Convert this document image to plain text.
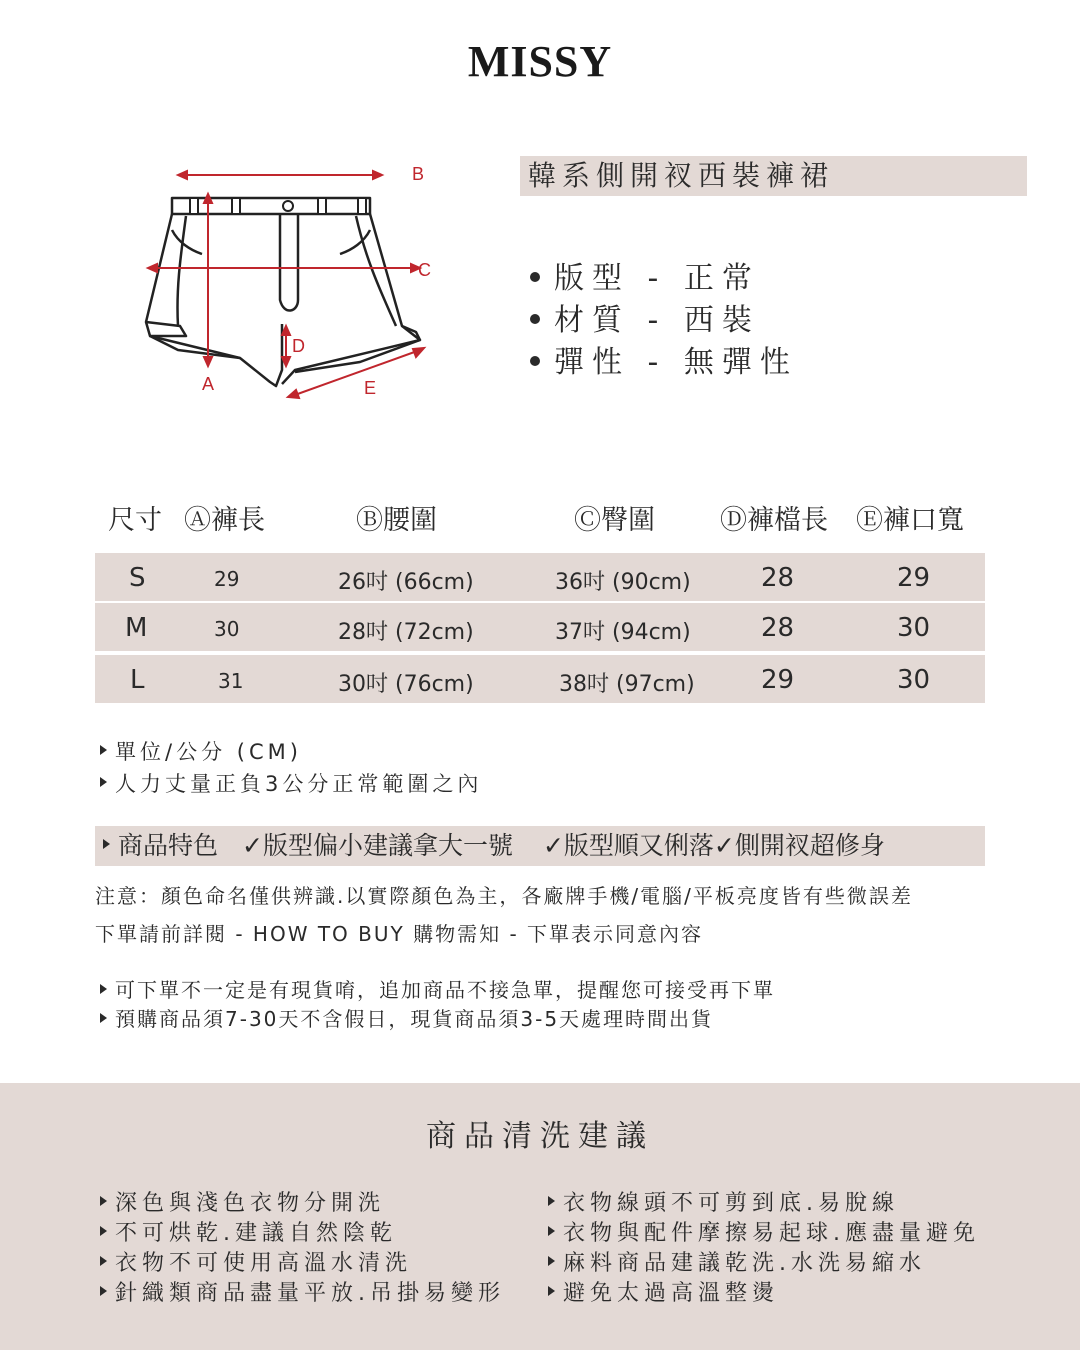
MISSY
B
C
D
A	E
韓系側開衩西裝褲裙
版型 - 正常
材質 - 西裝
彈性 - 無彈性
尺寸 Ⓐ褲長	Ⓑ腰圍	Ⓒ臀圍 Ⓓ褲檔長 Ⓔ褲口寬
S	29	26吋 (66cm)	36吋 (90cm)	28	29
M	30	28吋 (72cm)	37吋 (94cm)	28	30
L	31	30吋 (76cm)	38吋 (97cm)	29	30
單位/公分 (CM)
人力丈量正負3公分正常範圍之內
商品特色 ✓版型偏小建議拿大一號 ✓版型順又俐落✓側開衩超修身
注意：顏色命名僅供辨識.以實際顏色為主，各廠牌手機/電腦/平板亮度皆有些微誤差
下單請前詳閱 - HOW TO BUY 購物需知 - 下單表示同意內容
可下單不一定是有現貨唷，追加商品不接急單，提醒您可接受再下單
預購商品須7-30天不含假日，現貨商品須3-5天處理時間出貨
商品清洗建議
深色與淺色衣物分開洗
不可烘乾.建議自然陰乾
衣物不可使用高溫水清洗
針織類商品盡量平放.吊掛易變形
衣物線頭不可剪到底.易脫線
衣物與配件摩擦易起球.應盡量避免
麻料商品建議乾洗.水洗易縮水
避免太過高溫整燙
